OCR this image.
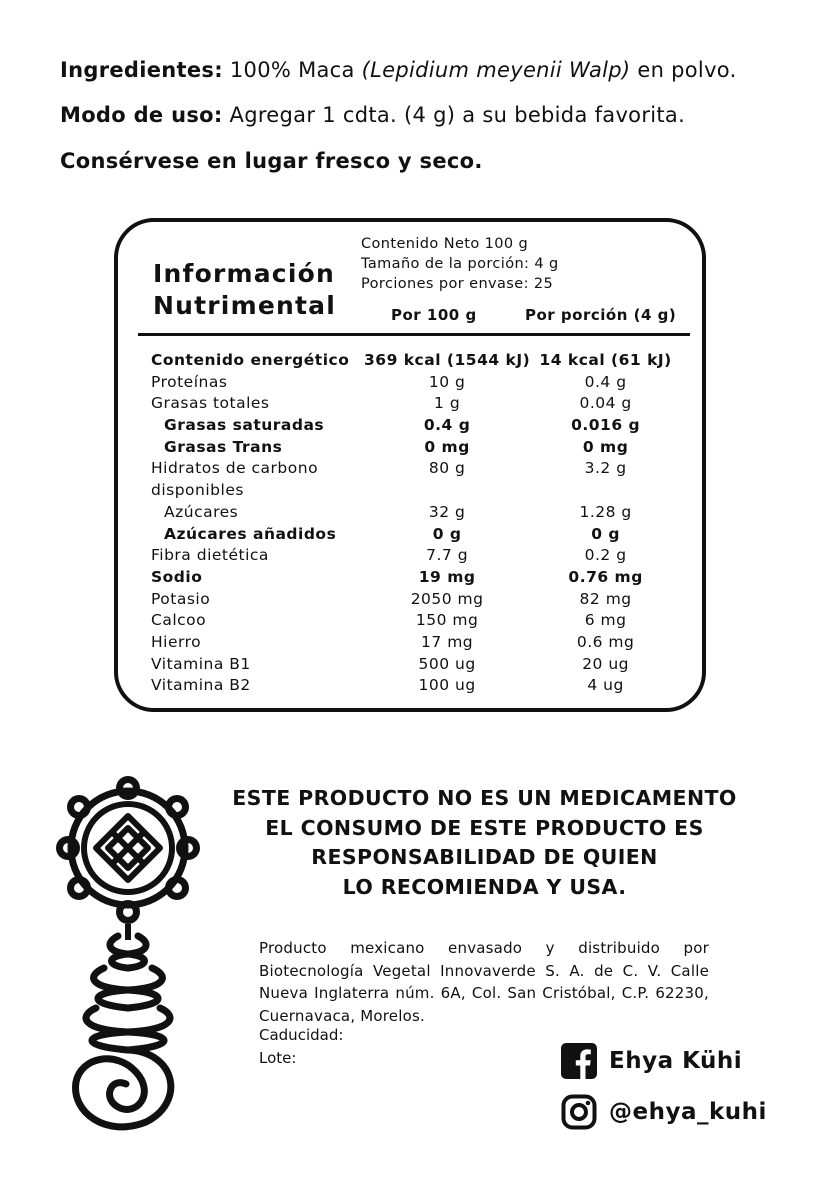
Ingredientes: 100% Maca (Lepidium meyenii Walp) en polvo.
Modo de uso: Agregar 1 cdta. (4 g) a su bebida favorita.
Consérvese en lugar fresco y seco.
Información
Nutrimental
Contenido Neto 100 g
Tamaño de la porción: 4 g
Porciones por envase: 25
Por 100 g	Por porción (4 g)
Contenido energético	369 kcal (1544 kJ)	14 kcal (61 kJ)
Proteínas	10 g	0.4 g
Grasas totales	1 g	0.04 g
Grasas saturadas	0.4 g	0.016 g
Grasas Trans	0 mg	0 mg
Hidratos de carbono	80 g	3.2 g
disponibles		
Azúcares	32 g	1.28 g
Azúcares añadidos	0 g	0 g
Fibra dietética	7.7 g	0.2 g
Sodio	19 mg	0.76 mg
Potasio	2050 mg	82 mg
Calcoo	150 mg	6 mg
Hierro	17 mg	0.6 mg
Vitamina B1	500 ug	20 ug
Vitamina B2	100 ug	4 ug
ESTE PRODUCTO NO ES UN MEDICAMENTO
EL CONSUMO DE ESTE PRODUCTO ES
RESPONSABILIDAD DE QUIEN
LO RECOMIENDA Y USA.
Producto mexicano envasado y distribuido por Biotecnología Vegetal Innovaverde S. A. de C. V. Calle Nueva Inglaterra núm. 6A, Col. San Cristóbal, C.P. 62230, Cuernavaca, Morelos.
Caducidad:
Lote:	Ehya Kühi
@ehya_kuhi
